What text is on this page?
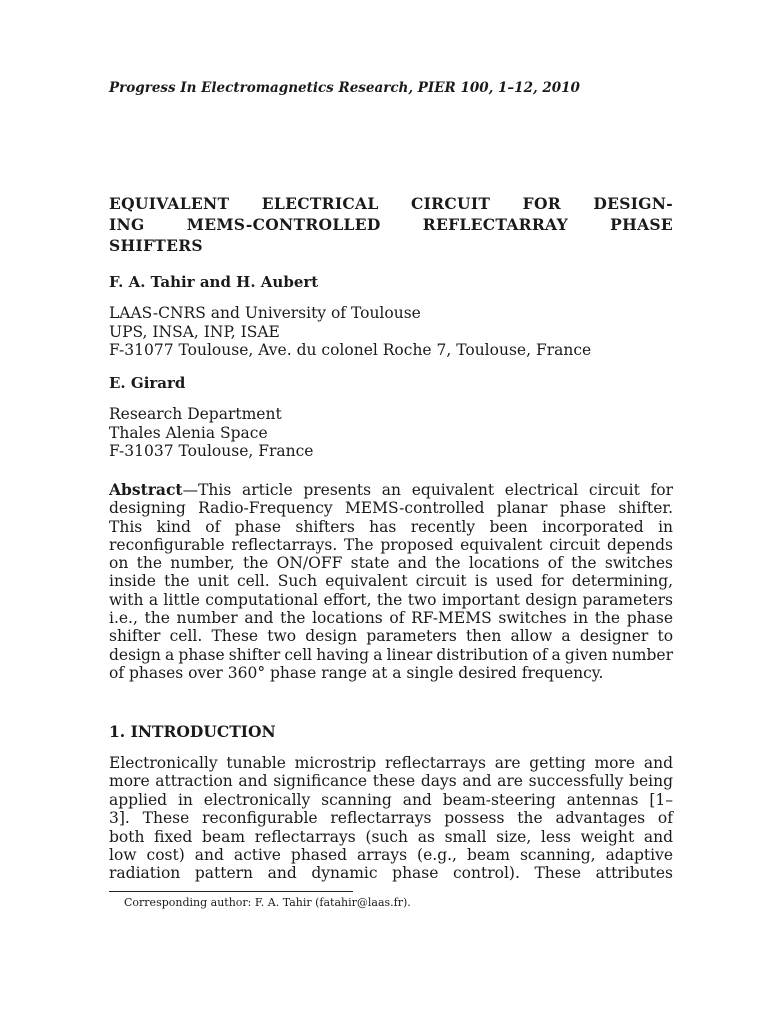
Progress In Electromagnetics Research, PIER 100, 1–12, 2010
EQUIVALENT ELECTRICAL CIRCUIT FOR DESIGN-
ING MEMS-CONTROLLED REFLECTARRAY PHASE
SHIFTERS
F. A. Tahir and H. Aubert
LAAS-CNRS and University of Toulouse
UPS, INSA, INP, ISAE
F-31077 Toulouse, Ave. du colonel Roche 7, Toulouse, France
E. Girard
Research Department
Thales Alenia Space
F-31037 Toulouse, France
Abstract—This article presents an equivalent electrical circuit for
designing Radio-Frequency MEMS-controlled planar phase shifter.
This kind of phase shifters has recently been incorporated in
reconfigurable reflectarrays. The proposed equivalent circuit depends
on the number, the ON/OFF state and the locations of the switches
inside the unit cell. Such equivalent circuit is used for determining,
with a little computational effort, the two important design parameters
i.e., the number and the locations of RF-MEMS switches in the phase
shifter cell. These two design parameters then allow a designer to
design a phase shifter cell having a linear distribution of a given number
of phases over 360° phase range at a single desired frequency.
1. INTRODUCTION
Electronically tunable microstrip reflectarrays are getting more and
more attraction and significance these days and are successfully being
applied in electronically scanning and beam-steering antennas [1–
3]. These reconfigurable reflectarrays possess the advantages of
both fixed beam reflectarrays (such as small size, less weight and
low cost) and active phased arrays (e.g., beam scanning, adaptive
radiation pattern and dynamic phase control). These attributes
Corresponding author: F. A. Tahir (fatahir@laas.fr).
